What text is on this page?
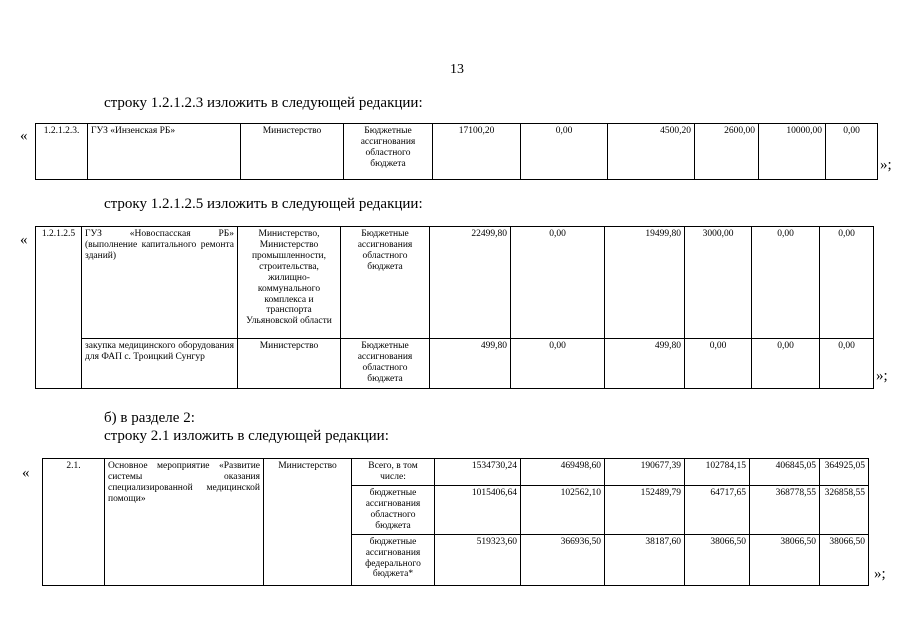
13
строку 1.2.1.2.3 изложить в следующей редакции:
« 1.2.1.2.3.	ГУЗ «Инзенская РБ»	Министерство	Бюджетные ассигнования областного бюджета	17100,20	0,00	4500,20	2600,00	10000,00	0,00
»;
строку 1.2.1.2.5 изложить в следующей редакции:
« 1.2.1.2.5	ГУЗ «Новоспасская РБ» (выполнение капитального ремонта зданий)	Министерство, Министерство промышленности, строительства, жилищно-коммунального комплекса и транспорта Ульяновской области	Бюджетные ассигнования областного бюджета	22499,80	0,00	19499,80	3000,00	0,00	0,00
	закупка медицинского оборудования для ФАП с. Троицкий Сунгур	Министерство	Бюджетные ассигнования областного бюджета	499,80	0,00	499,80	0,00	0,00	0,00
»;
б) в разделе 2:
строку 2.1 изложить в следующей редакции:
«	2.1.	Основное мероприятие «Развитие системы оказания специализированной медицинской помощи»	Министерство	Всего, в том числе:	1534730,24	469498,60	190677,39	102784,15	406845,05	364925,05
			бюджетные ассигнования областного бюджета	1015406,64	102562,10	152489,79	64717,65	368778,55	326858,55
			бюджетные ассигнования федерального бюджета*	519323,60	366936,50	38187,60	38066,50	38066,50	38066,50
»;
